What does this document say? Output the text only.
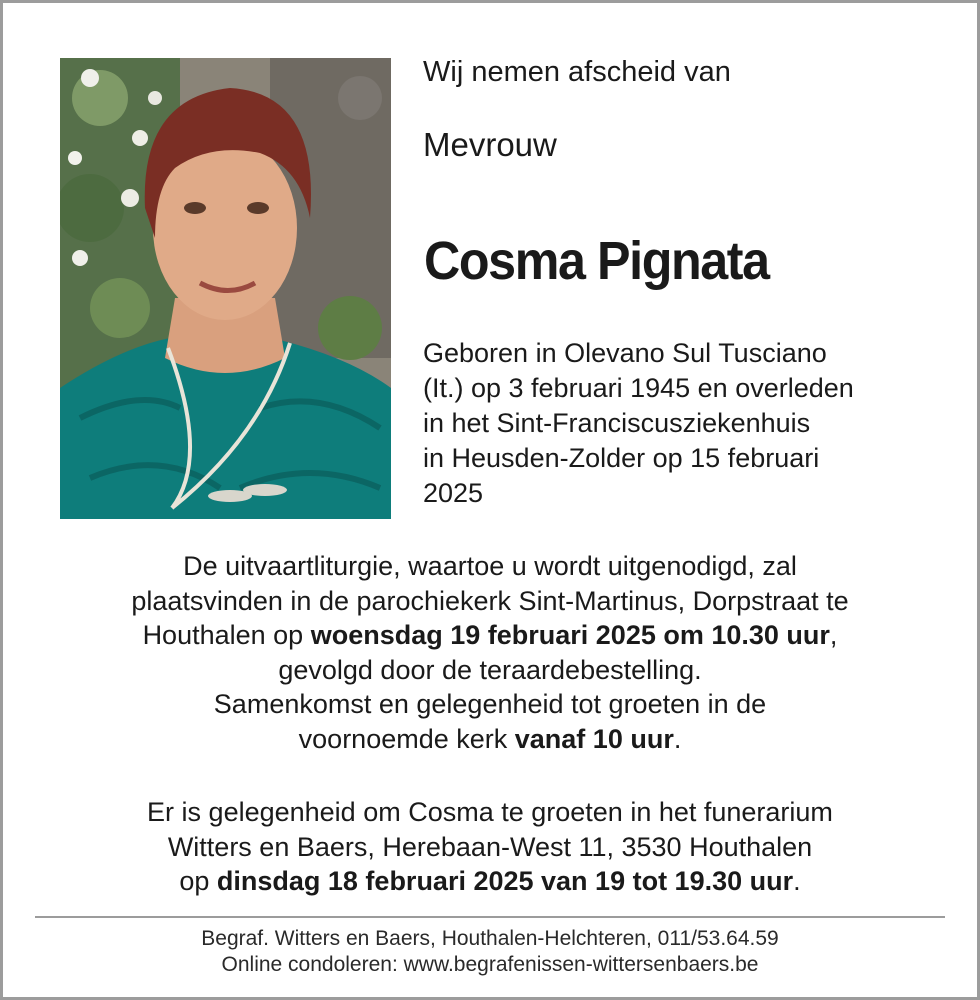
Wij nemen afscheid van

Mevrouw
Cosma Pignata

Geboren in Olevano Sul Tusciano
(It.) op 3 februari 1945 en overleden
in het Sint-Franciscusziekenhuis
in Heusden-Zolder op 15 februari
2025

De uitvaartliturgie, waartoe u wordt uitgenodigd, zal
plaatsvinden in de parochiekerk Sint-Martinus, Dorpstraat te
Houthalen op woensdag 19 februari 2025 om 10.30 uur,
gevolgd door de teraardebestelling.
Samenkomst en gelegenheid tot groeten in de
voornoemde kerk vanaf 10 uur.

Er is gelegenheid om Cosma te groeten in het funerarium
Witters en Baers, Herebaan-West 11, 3530 Houthalen
op dinsdag 18 februari 2025 van 19 tot 19.30 uur.

Begraf. Witters en Baers, Houthalen-Helchteren, 011/53.64.59

Online condoleren: www.begrafenissen-wittersenbaers.be
